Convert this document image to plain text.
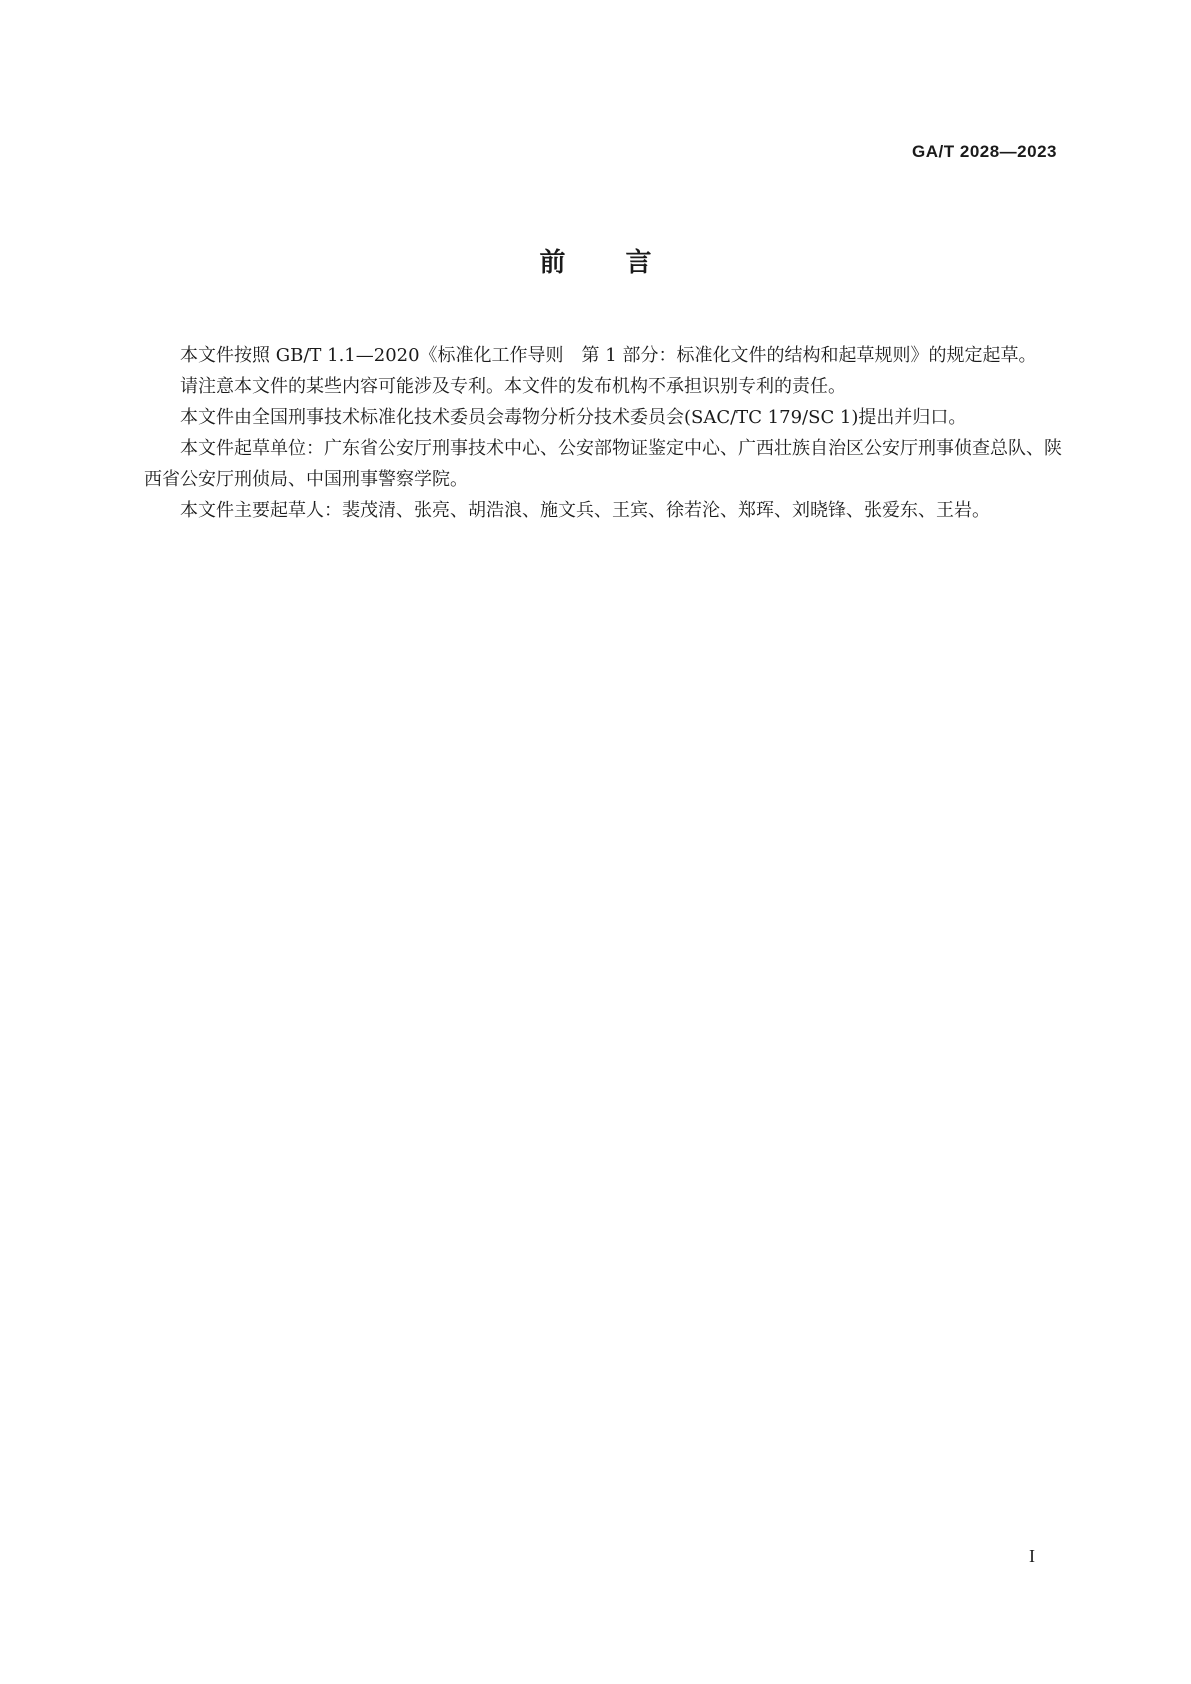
GA/T 2028—2023
前言

本文件按照 GB/T 1.1—2020《标准化工作导则　第 1 部分：标准化文件的结构和起草规则》的规定起草。

请注意本文件的某些内容可能涉及专利。本文件的发布机构不承担识别专利的责任。

本文件由全国刑事技术标准化技术委员会毒物分析分技术委员会(SAC/TC 179/SC 1)提出并归口。

本文件起草单位：广东省公安厅刑事技术中心、公安部物证鉴定中心、广西壮族自治区公安厅刑事侦查总队、陕西省公安厅刑侦局、中国刑事警察学院。

本文件主要起草人：裴茂清、张亮、胡浩浪、施文兵、王宾、徐若沦、郑珲、刘晓锋、张爱东、王岩。

I
